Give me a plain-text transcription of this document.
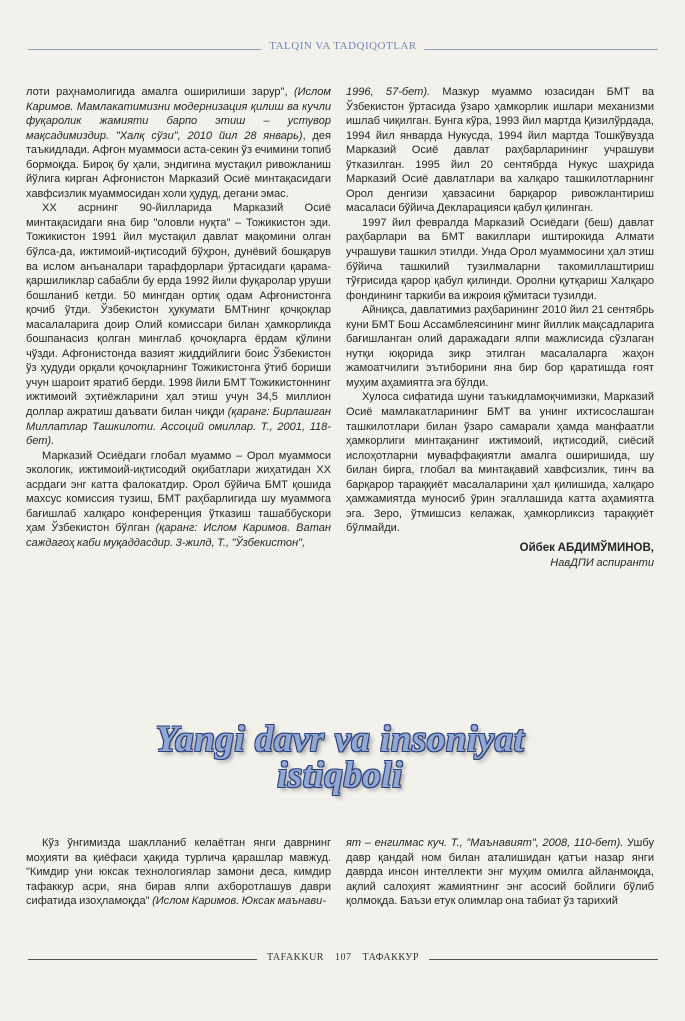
TALQIN VA TADQIQOTLAR

лоти раҳнамолигида амалга оширилиши зарур", (Ислом Каримов. Мамлакатимизни модернизация қилиш ва кучли фуқаролик жамияти барпо этиш – устувор мақсадимиздир. "Халқ сўзи", 2010 йил 28 январь), дея таъкидлади. Афғон муаммоси аста-секин ўз ечимини топиб бормоқда. Бироқ бу ҳали, эндигина мустақил ривожланиш йўлига кирган Афғонистон Марказий Осиё минтақасидаги хавфсизлик муаммосидан холи ҳудуд, дегани эмас.

XX асрнинг 90-йилларида Марказий Осиё минтақасидаги яна бир "оловли нуқта" – Тожикистон эди. Тожикистон 1991 йил мустақил давлат мақомини олган бўлса-да, ижтимоий-иқтисодий бўҳрон, дунёвий бошқарув ва ислом анъаналари тарафдорлари ўртасидаги қарама-қаршиликлар сабабли бу ерда 1992 йили фуқаролар уруши бошланиб кетди. 50 мингдан ортиқ одам Афғонистонга қочиб ўтди. Ўзбекистон ҳукумати БМТнинг қочқоқлар масалаларига доир Олий комиссари билан ҳамкорликда бошпанасиз қолган минглаб қочоқларга ёрдам қўлини чўзди. Афғонистонда вазият жиддийлиги боис Ўзбекистон ўз ҳудуди орқали қочоқларнинг Тожикистонга ўтиб бориши учун шароит яратиб берди. 1998 йили БМТ Тожикистоннинг ижтимоий эҳтиёжларини ҳал этиш учун 34,5 миллион доллар ажратиш даъвати билан чиқди (қаранг: Бирлашган Миллатлар Ташкилоти. Ассоций омиллар. Т., 2001, 118-бет).

Марказий Осиёдаги глобал муаммо – Орол муаммоси экологик, ижтимоий-иқтисодий оқибатлари жиҳатидан XX асрдаги энг катта фалокатдир. Орол бўйича БМТ қошида махсус комиссия тузиш, БМТ раҳбарлигида шу муаммога бағишлаб халқаро конференция ўтказиш ташаббускори ҳам Ўзбекистон бўлган (қаранг: Ислом Каримов. Ватан саждагоҳ каби муқаддасдир. 3-жилд, Т., "Ўзбекистон",

1996, 57-бет). Мазкур муаммо юзасидан БМТ ва Ўзбекистон ўртасида ўзаро ҳамкорлик ишлари механизми ишлаб чиқилган. Бунга кўра, 1993 йил мартда Қизилўрдада, 1994 йил январда Нукусда, 1994 йил мартда Тошкўвузда Марказий Осиё давлат раҳбарларининг учрашуви ўтказилган. 1995 йил 20 сентябрда Нукус шаҳрида Марказий Осиё давлатлари ва халқаро ташкилотларнинг Орол денгизи ҳавзасини барқарор ривожлантириш масаласи бўйича Декларацияси қабул қилинган.

1997 йил февралда Марказий Осиёдаги (беш) давлат раҳбарлари ва БМТ вакиллари иштирокида Алмати учрашуви ташкил этилди. Унда Орол муаммосини ҳал этиш бўйича ташкилий тузилмаларни такомиллаштириш тўғрисида қарор қабул қилинди. Оролни қутқариш Халқаро фондининг таркиби ва ижроия қўмитаси тузилди.

Айниқса, давлатимиз раҳбарининг 2010 йил 21 сентябрь куни БМТ Бош Ассамблеясининг минг йиллик мақсадларига бағишланган олий даражадаги ялпи мажлисида сўзлаган нутқи юқорида зикр этилган масалаларга жаҳон жамоатчилиги эътиборини яна бир бор қаратишда ғоят муҳим аҳамиятга эга бўлди.

Хулоса сифатида шуни таъкидламоқчимизки, Марказий Осиё мамлакатларининг БМТ ва унинг ихтисослашган ташкилотлари билан ўзаро самарали ҳамда манфаатли ҳамкорлиги минтақанинг ижтимоий, иқтисодий, сиёсий ислоҳотларни муваффақиятли амалга оширишида, шу билан бирга, глобал ва минтақавий хавфсизлик, тинч ва барқарор тараққиёт масалаларини ҳал қилишида, халқаро ҳамжамиятда муносиб ўрин эгаллашида катта аҳамиятга эга. Зеро, ўтмишсиз келажак, ҳамкорликсиз тараққиёт бўлмайди.

Ойбек АБДИМЎМИНОВ,
НавДПИ аспиранти
Yangi davr va insoniyat
istiqboli

Кўз ўнгимизда шаклланиб келаётган янги даврнинг моҳияти ва қиёфаси ҳақида турлича қарашлар мавжуд. "Кимдир уни юксак технологиялар замони деса, кимдир тафаккур асри, яна бирав ялпи ахборотлашув даври сифатида изоҳламоқда" (Ислом Каримов. Юксак маънави-

ят – енгилмас куч. Т., "Маънавият", 2008, 110-бет). Ушбу давр қандай ном билан аталишидан қатъи назар янги даврда инсон интеллекти энг муҳим омилга айланмоқда, ақлий салоҳият жамиятнинг энг асосий бойлиги бўлиб қолмоқда. Баъзи етук олимлар она табиат ўз тарихий

TAFAKKUR 107 ТАФАККУР
